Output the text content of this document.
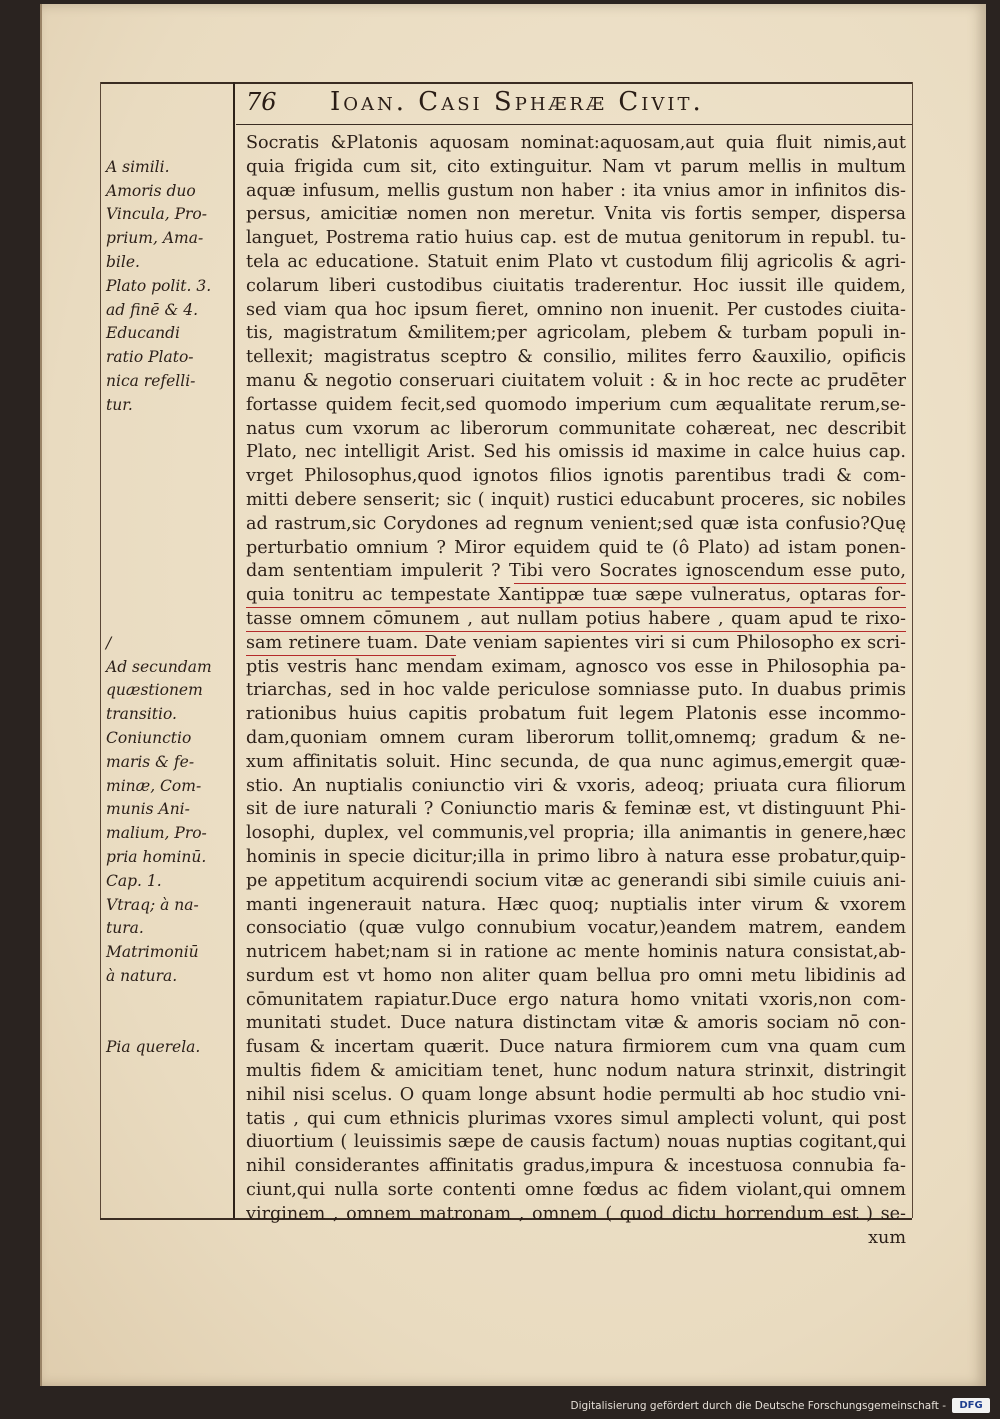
76 Ioan. Casi Sphærӕ Civit.
A simili.
Amoris duo
Vincula, Pro-
prium, Ama-
bile.
Plato polit. 3.
ad finē & 4.
Educandi
ratio Plato-
nica refelli-
tur.
/
Ad secundam
quæstionem
transitio.
Coniunctio
maris & fe-
minæ, Com-
munis Ani-
malium, Pro-
pria hominū.
Cap. 1.
Vtraq; à na-
tura.
Matrimoniū
à natura.
Pia querela.
Socratis &Platonis aquosam nominat:aquosam,aut quia fluit nimis,aut
quia frigida cum sit, cito extinguitur. Nam vt parum mellis in multum
aquæ infusum, mellis gustum non haber : ita vnius amor in infinitos dis-
persus, amicitiæ nomen non meretur. Vnita vis fortis semper, dispersa
languet, Postrema ratio huius cap. est de mutua genitorum in republ. tu-
tela ac educatione. Statuit enim Plato vt custodum filij agricolis & agri-
colarum liberi custodibus ciuitatis traderentur. Hoc iussit ille quidem,
sed viam qua hoc ipsum fieret, omnino non inuenit. Per custodes ciuita-
tis, magistratum &militem;per agricolam, plebem & turbam populi in-
tellexit; magistratus sceptro & consilio, milites ferro &auxilio, opificis
manu & negotio conseruari ciuitatem voluit : & in hoc recte ac prudēter
fortasse quidem fecit,sed quomodo imperium cum æqualitate rerum,se-
natus cum vxorum ac liberorum communitate cohæreat, nec describit
Plato, nec intelligit Arist. Sed his omissis id maxime in calce huius cap.
vrget Philosophus,quod ignotos filios ignotis parentibus tradi & com-
mitti debere senserit; sic ( inquit) rustici educabunt proceres, sic nobiles
ad rastrum,sic Corydones ad regnum venient;sed quæ ista confusio?Quę
perturbatio omnium ? Miror equidem quid te (ô Plato) ad istam ponen-
dam sententiam impulerit ? Tibi vero Socrates ignoscendum esse puto,
quia tonitru ac tempestate Xantippæ tuæ sæpe vulneratus, optaras for-
tasse omnem cōmunem , aut nullam potius habere , quam apud te rixo-
sam retinere tuam. Date veniam sapientes viri si cum Philosopho ex scri-
ptis vestris hanc mendam eximam, agnosco vos esse in Philosophia pa-
triarchas, sed in hoc valde periculose somniasse puto. In duabus primis
rationibus huius capitis probatum fuit legem Platonis esse incommo-
dam,quoniam omnem curam liberorum tollit,omnemq; gradum & ne-
xum affinitatis soluit. Hinc secunda, de qua nunc agimus,emergit quæ-
stio. An nuptialis coniunctio viri & vxoris, adeoq; priuata cura filiorum
sit de iure naturali ? Coniunctio maris & feminæ est, vt distinguunt Phi-
losophi, duplex, vel communis,vel propria; illa animantis in genere,hæc
hominis in specie dicitur;illa in primo libro à natura esse probatur,quip-
pe appetitum acquirendi socium vitæ ac generandi sibi simile cuiuis ani-
manti ingenerauit natura. Hæc quoq; nuptialis inter virum & vxorem
consociatio (quæ vulgo connubium vocatur,)eandem matrem, eandem
nutricem habet;nam si in ratione ac mente hominis natura consistat,ab-
surdum est vt homo non aliter quam bellua pro omni metu libidinis ad
cōmunitatem rapiatur.Duce ergo natura homo vnitati vxoris,non com-
munitati studet. Duce natura distinctam vitæ & amoris sociam nō con-
fusam & incertam quærit. Duce natura firmiorem cum vna quam cum
multis fidem & amicitiam tenet, hunc nodum natura strinxit, distringit
nihil nisi scelus. O quam longe absunt hodie permulti ab hoc studio vni-
tatis , qui cum ethnicis plurimas vxores simul amplecti volunt, qui post
diuortium ( leuissimis sæpe de causis factum) nouas nuptias cogitant,qui
nihil considerantes affinitatis gradus,impura & incestuosa connubia fa-
ciunt,qui nulla sorte contenti omne fœdus ac fidem violant,qui omnem
virginem , omnem matronam , omnem ( quod dictu horrendum est ) se-
xum
Digitalisierung gefördert durch die Deutsche Forschungsgemeinschaft -	DFG
